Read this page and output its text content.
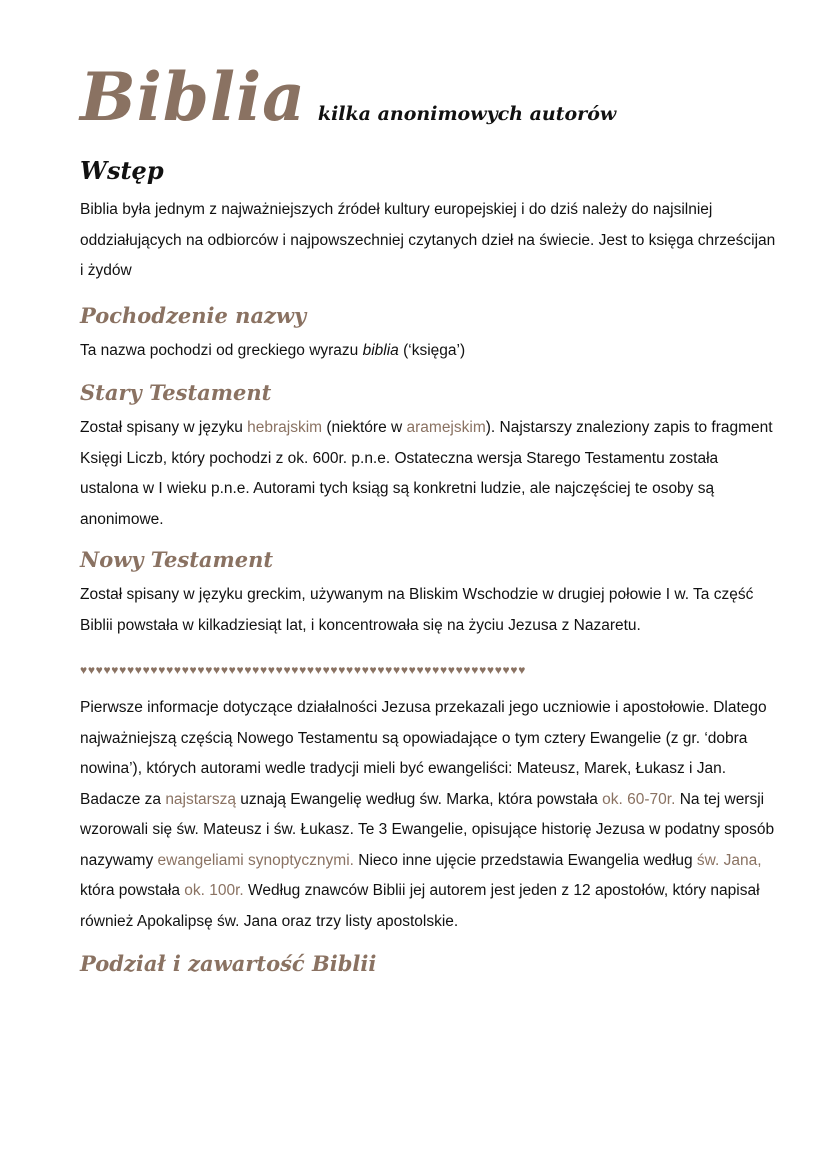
Biblia kilka anonimowych autorów
Wstęp

Biblia była jednym z najważniejszych źródeł kultury europejskiej i do dziś należy do najsilniej oddziałujących na odbiorców i najpowszechniej czytanych dzieł na świecie. Jest to księga chrześcijan i żydów

Pochodzenie nazwy

Ta nazwa pochodzi od greckiego wyrazu biblia (‘księga’)

Stary Testament

Został spisany w języku hebrajskim (niektóre w aramejskim). Najstarszy znaleziony zapis to fragment Księgi Liczb, który pochodzi z ok. 600r. p.n.e. Ostateczna wersja Starego Testamentu została ustalona w I wieku p.n.e. Autorami tych ksiąg są konkretni ludzie, ale najczęściej te osoby są anonimowe.

Nowy Testament

Został spisany w języku greckim, używanym na Bliskim Wschodzie w drugiej połowie I w. Ta część Biblii powstała w kilkadziesiąt lat, i koncentrowała się na życiu Jezusa z Nazaretu.

♥♥♥♥♥♥♥♥♥♥♥♥♥♥♥♥♥♥♥♥♥♥♥♥♥♥♥♥♥♥♥♥♥♥♥♥♥♥♥♥♥♥♥♥♥♥♥♥♥♥♥♥♥♥♥♥♥

Pierwsze informacje dotyczące działalności Jezusa przekazali jego uczniowie i apostołowie. Dlatego najważniejszą częścią Nowego Testamentu są opowiadające o tym cztery Ewangelie (z gr. ‘dobra nowina’), których autorami wedle tradycji mieli być ewangeliści: Mateusz, Marek, Łukasz i Jan. Badacze za najstarszą uznają Ewangelię według św. Marka, która powstała ok. 60-70r. Na tej wersji wzorowali się św. Mateusz i św. Łukasz. Te 3 Ewangelie, opisujące historię Jezusa w podatny sposób nazywamy ewangeliami synoptycznymi. Nieco inne ujęcie przedstawia Ewangelia według św. Jana, która powstała ok. 100r. Według znawców Biblii jej autorem jest jeden z 12 apostołów, który napisał również Apokalipsę św. Jana oraz trzy listy apostolskie.

Podział i zawartość Biblii
